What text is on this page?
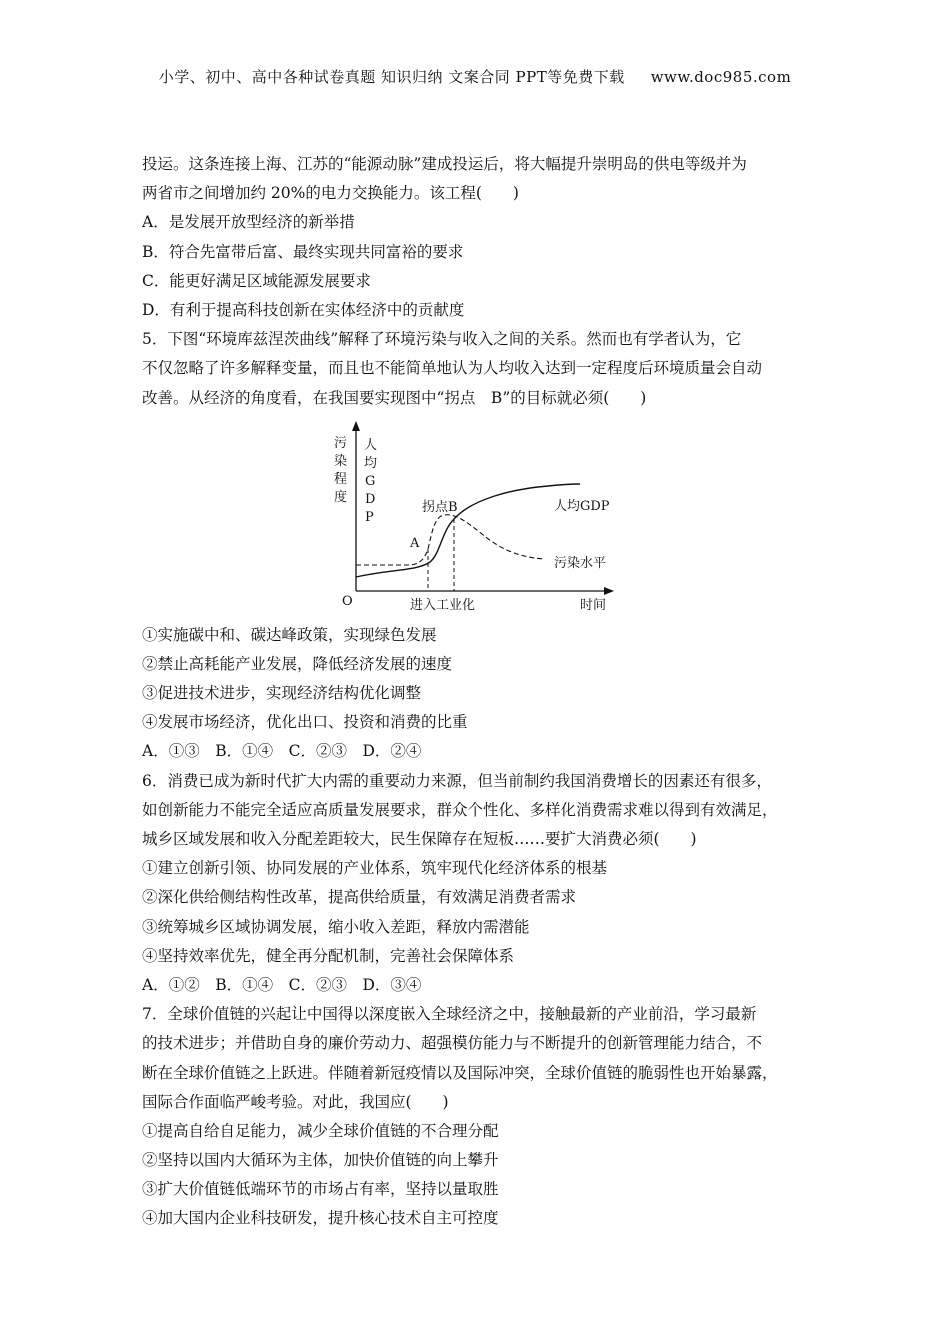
小学、初中、高中各种试卷真题 知识归纳 文案合同 PPT等免费下载 www.doc985.com
投运。这条连接上海、江苏的“能源动脉”建成投运后，将大幅提升崇明岛的供电等级并为
两省市之间增加约 20%的电力交换能力。该工程(　　)
A．是发展开放型经济的新举措
B．符合先富带后富、最终实现共同富裕的要求
C．能更好满足区域能源发展要求
D．有利于提高科技创新在实体经济中的贡献度
5．下图“环境库兹涅茨曲线”解释了环境污染与收入之间的关系。然而也有学者认为，它
不仅忽略了许多解释变量，而且也不能简单地认为人均收入达到一定程度后环境质量会自动
改善。从经济的角度看，在我国要实现图中“拐点　B”的目标就必须(　　)
污
染
程
度
人
均
G
D
P
O
A
拐点B	人均GDP
污染水平
进入工业化	时间
①实施碳中和、碳达峰政策，实现绿色发展
②禁止高耗能产业发展，降低经济发展的速度
③促进技术进步，实现经济结构优化调整
④发展市场经济，优化出口、投资和消费的比重
A．①③　B．①④　C．②③　D．②④
6．消费已成为新时代扩大内需的重要动力来源，但当前制约我国消费增长的因素还有很多，
如创新能力不能完全适应高质量发展要求，群众个性化、多样化消费需求难以得到有效满足，
城乡区域发展和收入分配差距较大，民生保障存在短板……要扩大消费必须(　　)
①建立创新引领、协同发展的产业体系，筑牢现代化经济体系的根基
②深化供给侧结构性改革，提高供给质量，有效满足消费者需求
③统筹城乡区域协调发展，缩小收入差距，释放内需潜能
④坚持效率优先，健全再分配机制，完善社会保障体系
A．①②　B．①④　C．②③　D．③④
7．全球价值链的兴起让中国得以深度嵌入全球经济之中，接触最新的产业前沿，学习最新
的技术进步；并借助自身的廉价劳动力、超强模仿能力与不断提升的创新管理能力结合，不
断在全球价值链之上跃进。伴随着新冠疫情以及国际冲突，全球价值链的脆弱性也开始暴露，
国际合作面临严峻考验。对此，我国应(　　)
①提高自给自足能力，减少全球价值链的不合理分配
②坚持以国内大循环为主体，加快价值链的向上攀升
③扩大价值链低端环节的市场占有率，坚持以量取胜
④加大国内企业科技研发，提升核心技术自主可控度
